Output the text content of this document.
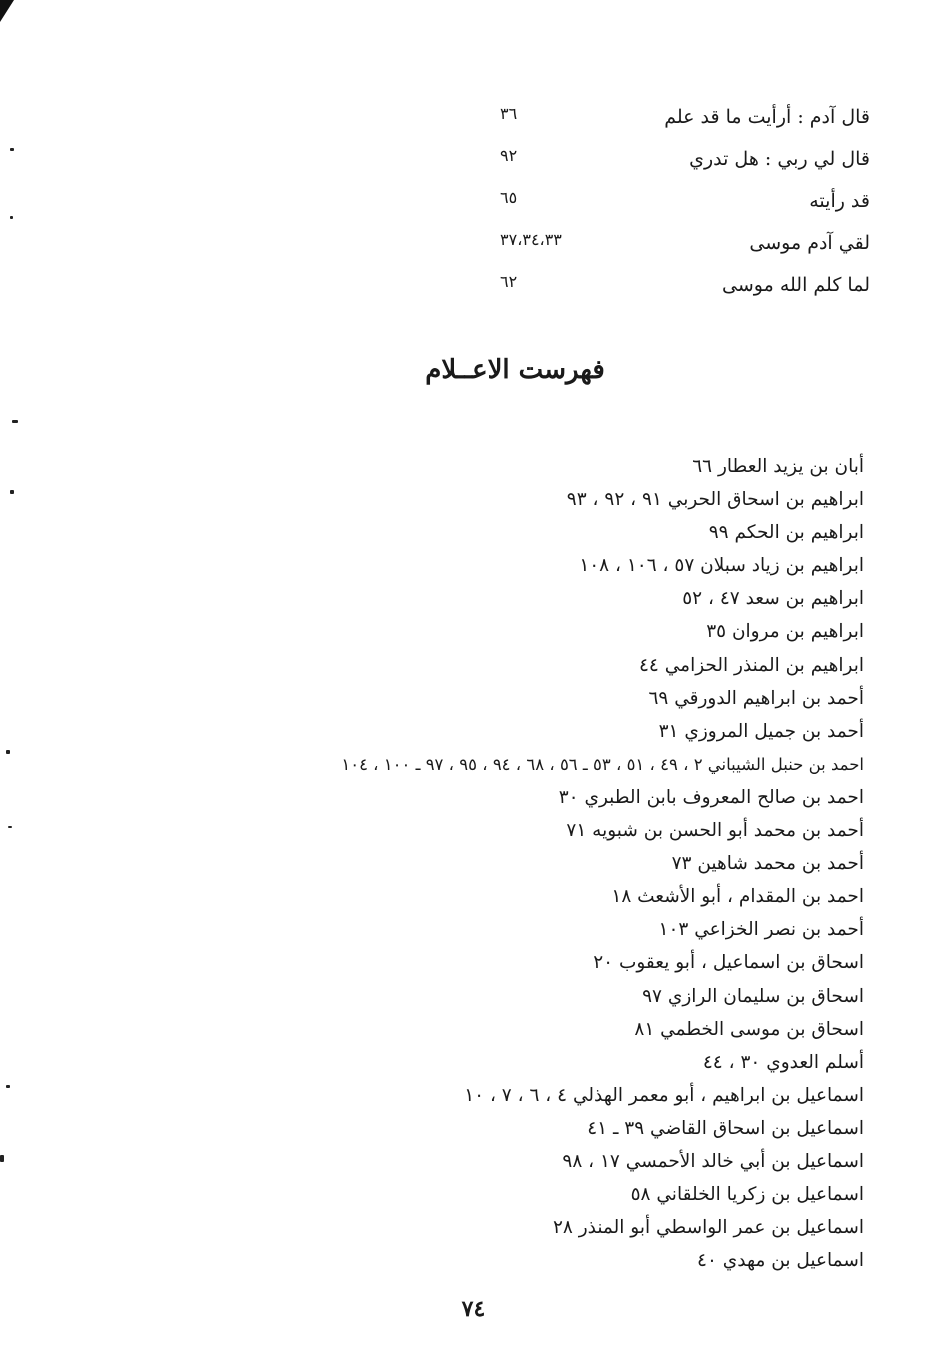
قال آدم : أرأيت ما قد علم
٣٦
قال لي ربي : هل تدري
٩٢
قد رأيته
٦٥
لقي آدم موسى
٣٧،٣٤،٣٣
لما كلم الله موسى
٦٢
فهرست الاعــلام
أبان بن يزيد العطار ٦٦
ابراهيم بن اسحاق الحربي ٩١ ، ٩٢ ، ٩٣
ابراهيم بن الحكم ٩٩
ابراهيم بن زياد سبلان ٥٧ ، ١٠٦ ، ١٠٨
ابراهيم بن سعد ٤٧ ، ٥٢
ابراهيم بن مروان ٣٥
ابراهيم بن المنذر الحزامي ٤٤
أحمد بن ابراهيم الدورقي ٦٩
أحمد بن جميل المروزي ٣١
احمد بن حنبل الشيباني ٢ ، ٤٩ ، ٥١ ، ٥٣ ـ ٥٦ ، ٦٨ ، ٩٤ ، ٩٥ ، ٩٧ ـ ١٠٠ ، ١٠٤
احمد بن صالح المعروف بابن الطبري ٣٠
أحمد بن محمد أبو الحسن بن شبويه ٧١
أحمد بن محمد شاهين ٧٣
احمد بن المقدام ، أبو الأشعث ١٨
أحمد بن نصر الخزاعي ١٠٣
اسحاق بن اسماعيل ، أبو يعقوب ٢٠
اسحاق بن سليمان الرازي ٩٧
اسحاق بن موسى الخطمي ٨١
أسلم العدوي ٣٠ ، ٤٤
اسماعيل بن ابراهيم ، أبو معمر الهذلي ٤ ، ٦ ، ٧ ، ١٠
اسماعيل بن اسحاق القاضي ٣٩ ـ ٤١
اسماعيل بن أبي خالد الأحمسي ١٧ ، ٩٨
اسماعيل بن زكريا الخلقاني ٥٨
اسماعيل بن عمر الواسطي أبو المنذر ٢٨
اسماعيل بن مهدي ٤٠
٧٤
